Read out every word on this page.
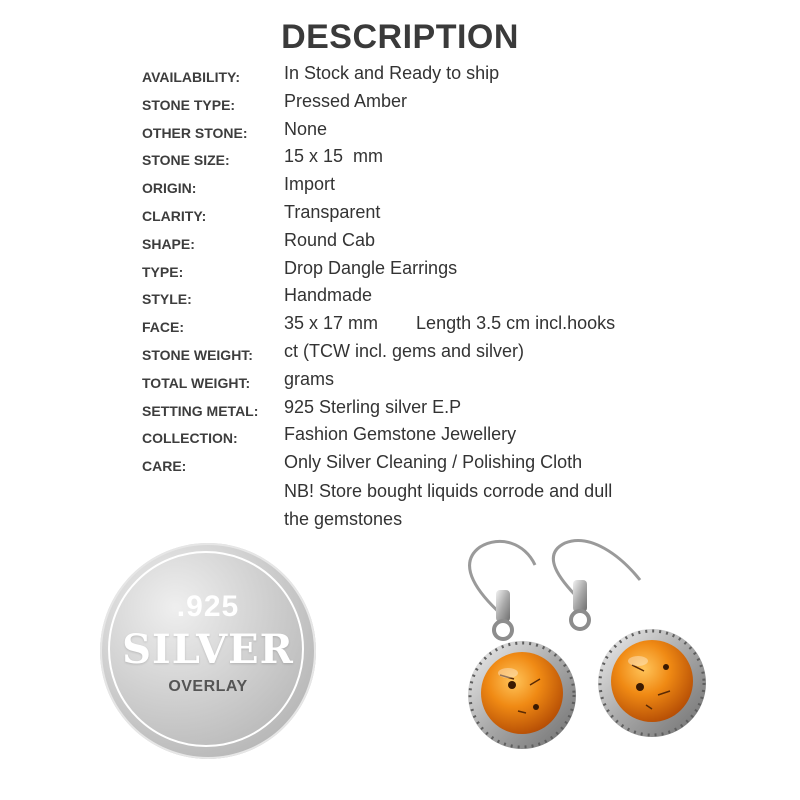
DESCRIPTION
AVAILABILITY: In Stock and Ready to ship
STONE TYPE:	Pressed Amber
OTHER STONE: None
STONE SIZE:	15 x 15  mm
ORIGIN:	Import
CLARITY:	Transparent
SHAPE:	Round Cab
TYPE:	Drop Dangle Earrings
STYLE:	Handmade
FACE:	35 x 17 mm Length 3.5 cm incl.hooks
STONE WEIGHT: ct (TCW incl. gems and silver)
TOTAL WEIGHT: grams
SETTING METAL: 925 Sterling silver E.P
COLLECTION:	Fashion Gemstone Jewellery
CARE:	Only Silver Cleaning / Polishing Cloth
NB! Store bought liquids corrode and dull
the gemstones
.925
SILVER
OVERLAY
